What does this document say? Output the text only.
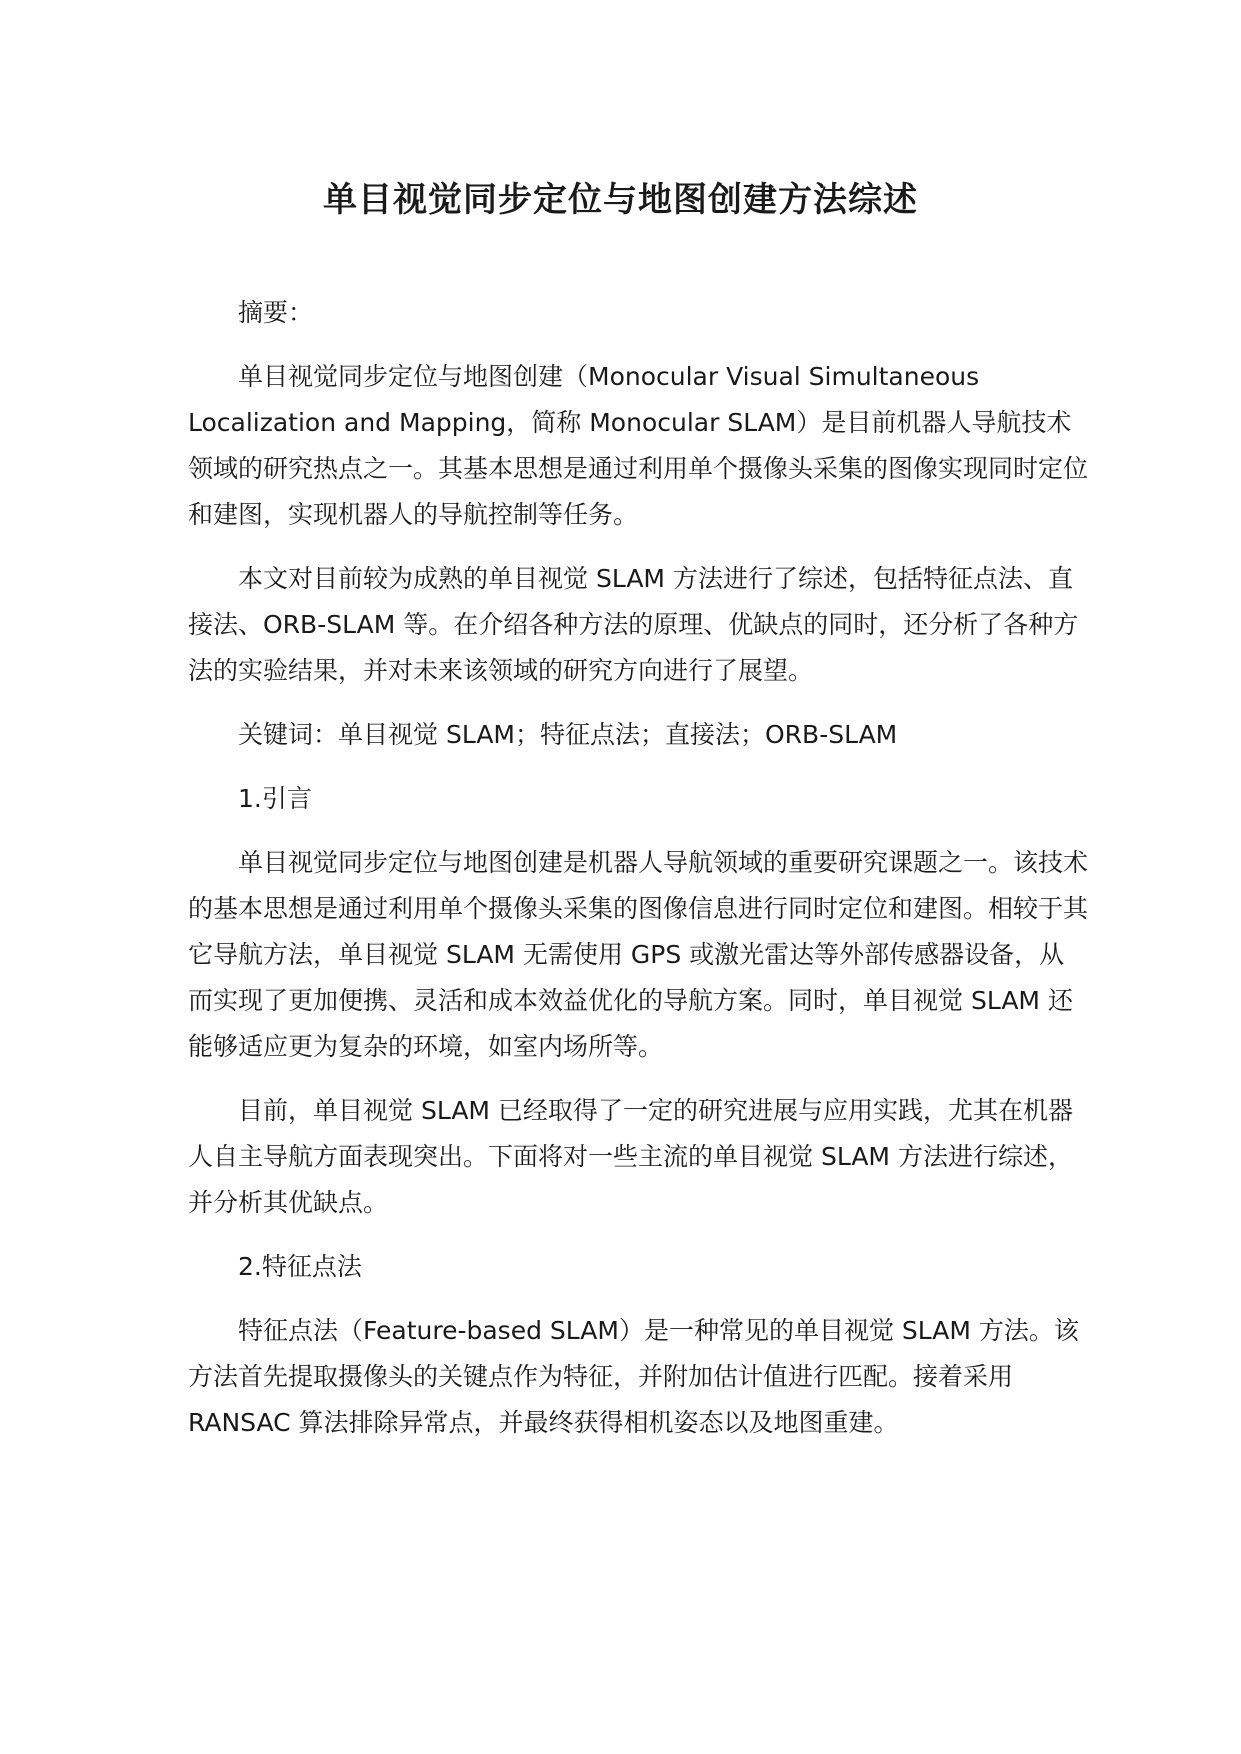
单目视觉同步定位与地图创建方法综述

摘要：

单目视觉同步定位与地图创建（Monocular Visual Simultaneous Localization and Mapping，简称 Monocular SLAM）是目前机器人导航技术领域的研究热点之一。其基本思想是通过利用单个摄像头采集的图像实现同时定位和建图，实现机器人的导航控制等任务。

本文对目前较为成熟的单目视觉 SLAM 方法进行了综述，包括特征点法、直接法、ORB-SLAM 等。在介绍各种方法的原理、优缺点的同时，还分析了各种方法的实验结果，并对未来该领域的研究方向进行了展望。

关键词：单目视觉 SLAM；特征点法；直接法；ORB-SLAM

1.引言

单目视觉同步定位与地图创建是机器人导航领域的重要研究课题之一。该技术的基本思想是通过利用单个摄像头采集的图像信息进行同时定位和建图。相较于其它导航方法，单目视觉 SLAM 无需使用 GPS 或激光雷达等外部传感器设备，从而实现了更加便携、灵活和成本效益优化的导航方案。同时，单目视觉 SLAM 还能够适应更为复杂的环境，如室内场所等。

目前，单目视觉 SLAM 已经取得了一定的研究进展与应用实践，尤其在机器人自主导航方面表现突出。下面将对一些主流的单目视觉 SLAM 方法进行综述，并分析其优缺点。

2.特征点法

特征点法（Feature-based SLAM）是一种常见的单目视觉 SLAM 方法。该方法首先提取摄像头的关键点作为特征，并附加估计值进行匹配。接着采用 RANSAC 算法排除异常点，并最终获得相机姿态以及地图重建。
